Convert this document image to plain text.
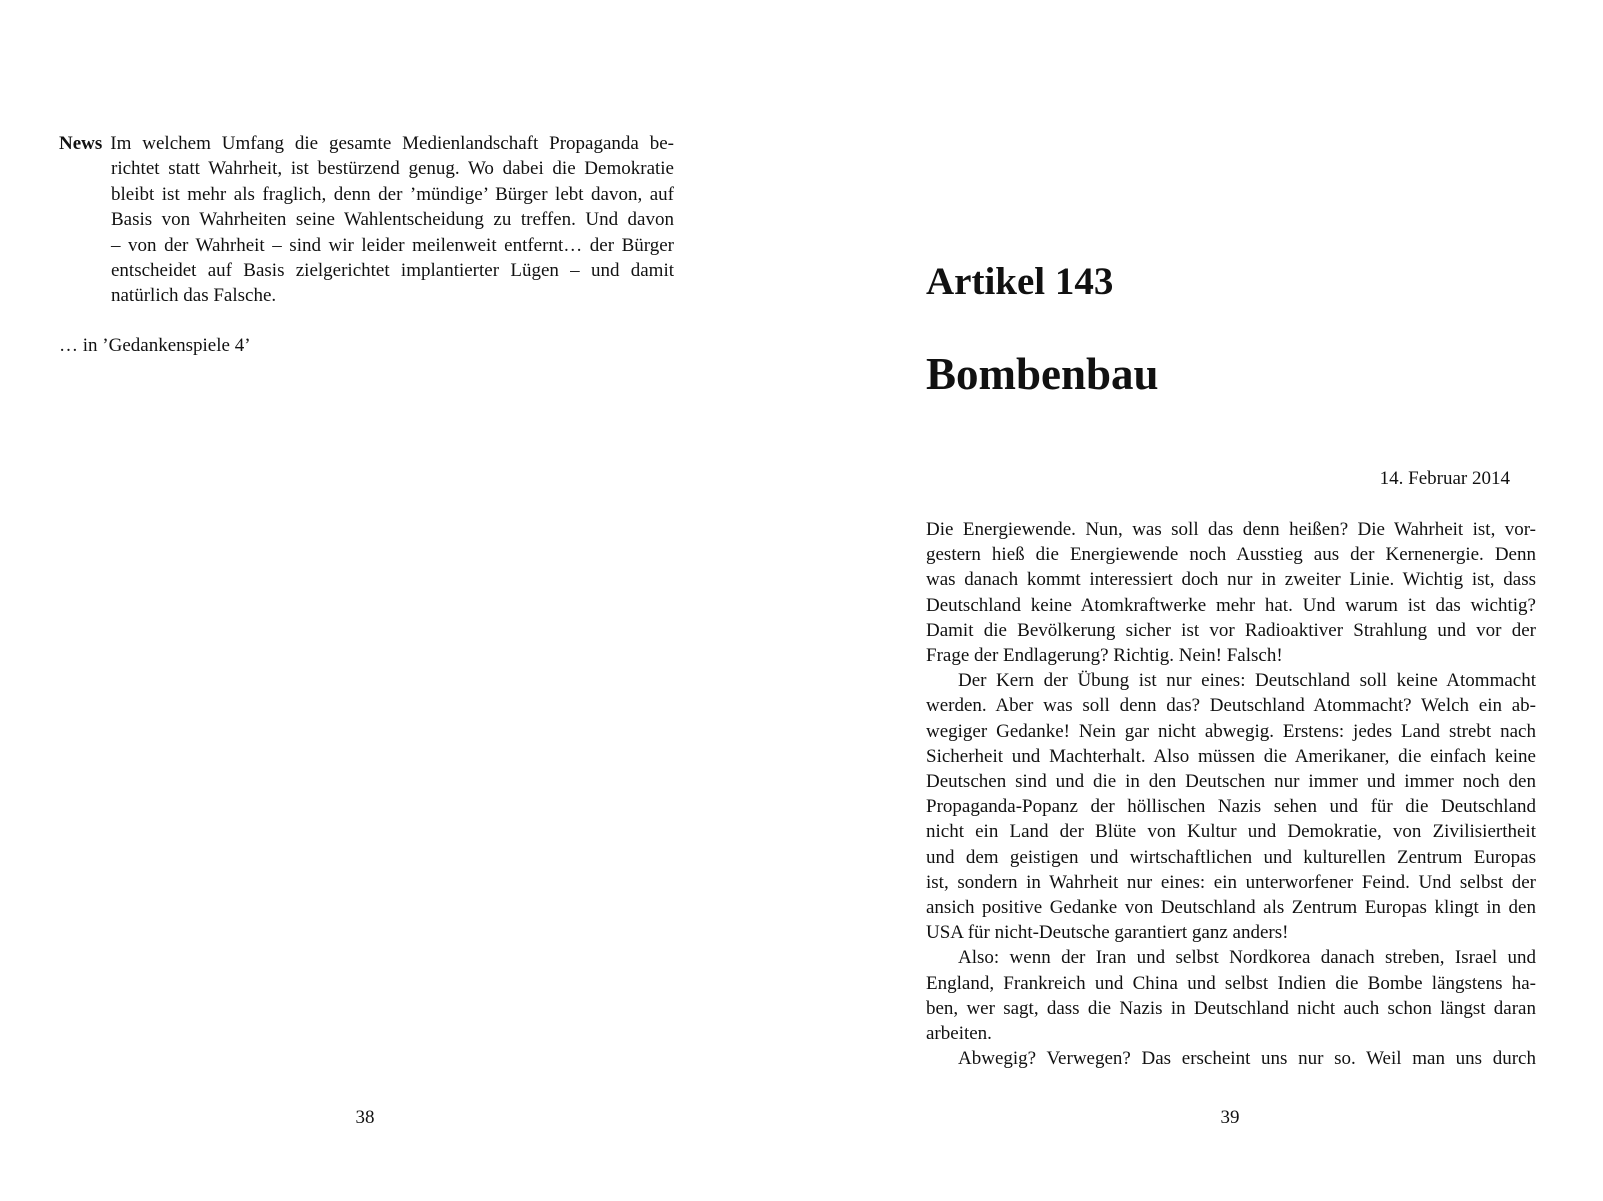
News Im welchem Umfang die gesamte Medienlandschaft Propaganda be-
richtet statt Wahrheit, ist bestürzend genug. Wo dabei die Demokratie
bleibt ist mehr als fraglich, denn der ’mündige’ Bürger lebt davon, auf
Basis von Wahrheiten seine Wahlentscheidung zu treffen. Und davon
– von der Wahrheit – sind wir leider meilenweit entfernt… der Bürger
entscheidet auf Basis zielgerichtet implantierter Lügen – und damit
natürlich das Falsche.
… in ’Gedankenspiele 4’
38
Artikel 143
Bombenbau
14. Februar 2014
Die Energiewende. Nun, was soll das denn heißen? Die Wahrheit ist, vor-
gestern hieß die Energiewende noch Ausstieg aus der Kernenergie. Denn
was danach kommt interessiert doch nur in zweiter Linie. Wichtig ist, dass
Deutschland keine Atomkraftwerke mehr hat. Und warum ist das wichtig?
Damit die Bevölkerung sicher ist vor Radioaktiver Strahlung und vor der
Frage der Endlagerung? Richtig. Nein! Falsch!
Der Kern der Übung ist nur eines: Deutschland soll keine Atommacht
werden. Aber was soll denn das? Deutschland Atommacht? Welch ein ab-
wegiger Gedanke! Nein gar nicht abwegig. Erstens: jedes Land strebt nach
Sicherheit und Machterhalt. Also müssen die Amerikaner, die einfach keine
Deutschen sind und die in den Deutschen nur immer und immer noch den
Propaganda-Popanz der höllischen Nazis sehen und für die Deutschland
nicht ein Land der Blüte von Kultur und Demokratie, von Zivilisiertheit
und dem geistigen und wirtschaftlichen und kulturellen Zentrum Europas
ist, sondern in Wahrheit nur eines: ein unterworfener Feind. Und selbst der
ansich positive Gedanke von Deutschland als Zentrum Europas klingt in den
USA für nicht-Deutsche garantiert ganz anders!
Also: wenn der Iran und selbst Nordkorea danach streben, Israel und
England, Frankreich und China und selbst Indien die Bombe längstens ha-
ben, wer sagt, dass die Nazis in Deutschland nicht auch schon längst daran
arbeiten.
Abwegig? Verwegen? Das erscheint uns nur so. Weil man uns durch
39
